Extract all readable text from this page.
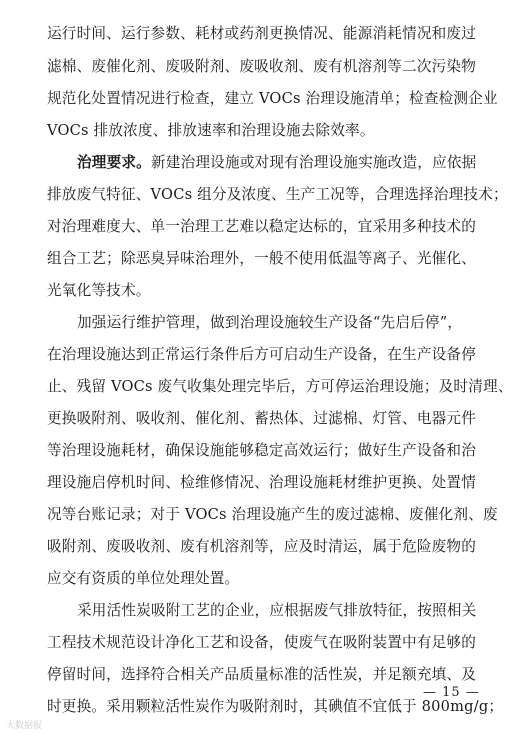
运行时间、运行参数、耗材或药剂更换情况、能源消耗情况和废过
滤棉、废催化剂、废吸附剂、废吸收剂、废有机溶剂等二次污染物
规范化处置情况进行检查，建立 VOCs 治理设施清单；检查检测企业
VOCs 排放浓度、排放速率和治理设施去除效率。
治理要求。新建治理设施或对现有治理设施实施改造，应依据
排放废气特征、VOCs 组分及浓度、生产工况等，合理选择治理技术；
对治理难度大、单一治理工艺难以稳定达标的，宜采用多种技术的
组合工艺；除恶臭异味治理外，一般不使用低温等离子、光催化、
光氧化等技术。
加强运行维护管理，做到治理设施较生产设备“先启后停”，
在治理设施达到正常运行条件后方可启动生产设备，在生产设备停
止、残留 VOCs 废气收集处理完毕后，方可停运治理设施；及时清理、
更换吸附剂、吸收剂、催化剂、蓄热体、过滤棉、灯管、电器元件
等治理设施耗材，确保设施能够稳定高效运行；做好生产设备和治
理设施启停机时间、检维修情况、治理设施耗材维护更换、处置情
况等台账记录；对于 VOCs 治理设施产生的废过滤棉、废催化剂、废
吸附剂、废吸收剂、废有机溶剂等，应及时清运，属于危险废物的
应交有资质的单位处理处置。
采用活性炭吸附工艺的企业，应根据废气排放特征，按照相关
工程技术规范设计净化工艺和设备，使废气在吸附装置中有足够的
停留时间，选择符合相关产品质量标准的活性炭，并足额充填、及
时更换。采用颗粒活性炭作为吸附剂时，其碘值不宜低于 800mg/g；
— 15 —
大数据报
